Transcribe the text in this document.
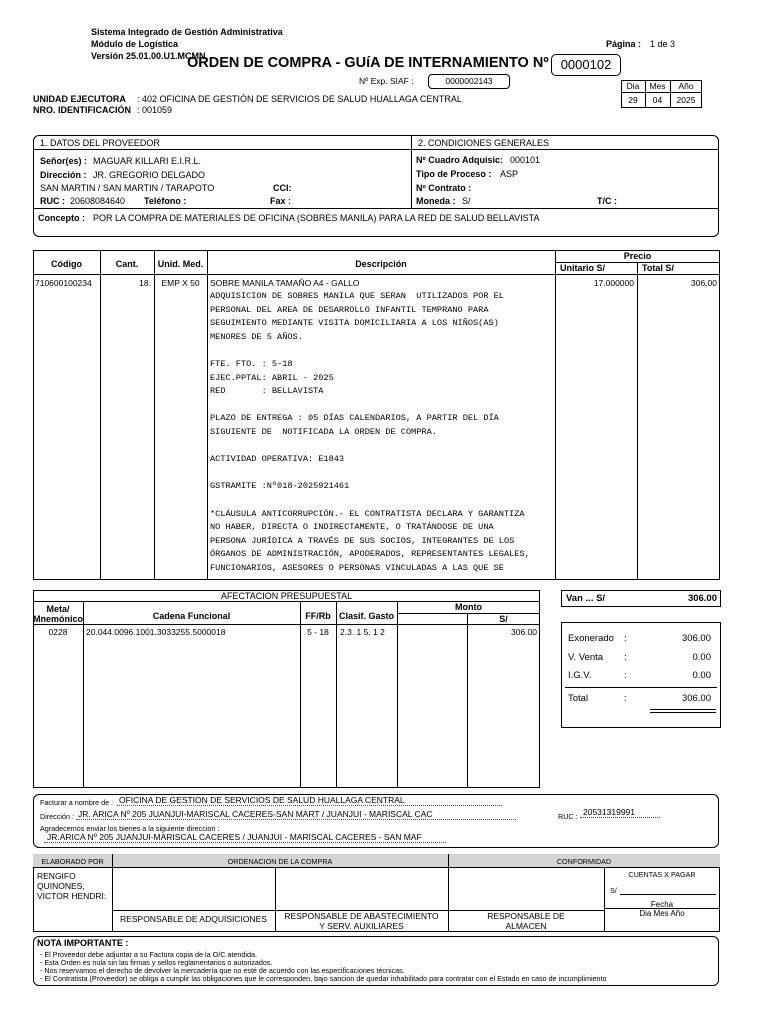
Sistema Integrado de Gestión Administrativa
Módulo de Logística
Versión 25.01.00.U1.MCMN
Página : 1 de 3
ORDEN DE COMPRA - GUíA DE INTERNAMIENTO Nº 0000102
Nº Exp. SIAF :	0000002143	Dia	Mes	Año
29	04	2025
UNIDAD EJECUTORA : 402 OFICINA DE GESTIÓN DE SERVICIOS DE SALUD HUALLAGA CENTRAL
NRO. IDENTIFICACIÓN : 001059
1. DATOS DEL PROVEEDOR	2. CONDICIONES GENERALES
Señor(es) : MAGUAR KILLARI E.I.R.L.
Dirección : JR. GREGORIO DELGADO
SAN MARTIN / SAN MARTIN / TARAPOTO	CCI:
RUC : 20608084640 Teléfono :	Fax :
Nº Cuadro Adquisic: 000101
Tipo de Proceso : ASP
Nº Contrato :
Moneda : S/	T/C :
Concepto : POR LA COMPRA DE MATERIALES DE OFICINA (SOBRES MANILA) PARA LA RED DE SALUD BELLAVISTA
Código	Cant.	Unid. Med.	Descripción
Precio
Unitario S/	Total S/
710600100234	18.	EMP X 50	SOBRE MANILA TAMAÑO A4 - GALLO	17.000000	306.00
ADQUISICION DE SOBRES MANILA QUE SERAN  UTILIZADOS POR EL
PERSONAL DEL AREA DE DESARROLLO INFANTIL TEMPRANO PARA
SEGUIMIENTO MEDIANTE VISITA DOMICILIARIA A LOS NIÑOS(AS)
MENORES DE 5 AÑOS.
FTE. FTO. : 5-18
EJEC.PPTAL: ABRIL - 2025
RED       : BELLAVISTA
PLAZO DE ENTREGA : 05 DÍAS CALENDARIOS, A PARTIR DEL DÍA
SIGUIENTE DE  NOTIFICADA LA ORDEN DE COMPRA.
ACTIVIDAD OPERATIVA: E1843
GSTRAMITE :Nº018-2025921461
*CLÁUSULA ANTICORRUPCIÓN.- EL CONTRATISTA DECLARA Y GARANTIZA
NO HABER, DIRECTA O INDIRECTAMENTE, O TRATÁNDOSE DE UNA
PERSONA JURÍDICA A TRAVÉS DE SUS SOCIOS, INTEGRANTES DE LOS
ÓRGANOS DE ADMINISTRACIÓN, APODERADOS, REPRESENTANTES LEGALES,
FUNCIONARIOS, ASESORES O PERSONAS VINCULADAS A LAS QUE SE
AFECTACION PRESUPUESTAL
Meta/
Mnemónico	Cadena Funcional	FF/Rb Clasif. Gasto
Monto
S/
0228	20.044.0096.1001.3033255.5000018	5 - 18	2.3. 1 5. 1 2	306.00
Van ... S/	306.00
Exonerado :	306.00
V. Venta :	0.00
I.G.V.	:	0.00
Total	:	306.00
Facturar a nombre de : OFICINA DE GESTION DE SERVICIOS DE SALUD HUALLAGA CENTRAL
Dirección : JR. ARICA Nº 205 JUANJUI-MARISCAL CACERES-SAN MART / JUANJUI - MARISCAL CAC	RUC : 20531319991
Agradecemos enviar los bienes a la siguiente direccion :
JR.ARICA Nº 205 JUANJUI-MARISCAL CACERES / JUANJUI - MARISCAL CACERES - SAN MAF
ELABORADO POR	ORDENACION DE LA COMPRA	CONFORMIDAD
RENGIFO
QUINONES,
VICTOR HENDRI:
RESPONSABLE DE ADQUISICIONES	RESPONSABLE DE ABASTECIMIENTO
Y SERV. AUXILIARES
RESPONSABLE DE
ALMACEN
CUENTAS X PAGAR
S/
Fecha
Dia Mes Año
NOTA IMPORTANTE :
- El Proveedor debe adjuntar a su Factura copia de la O/C atendida.
- Esta Orden es nula sin las firmas y sellos reglamentarios o autorizados.
- Nos reservamos el derecho de devolver la mercadería que no esté de acuerdo con las especificaciones técnicas.
- El Contratista (Proveedor) se obliga a cumplir las obligaciones que le corresponden, bajo sancion de quedar inhabilitado para contratar con el Estado en caso de incumplimiento
